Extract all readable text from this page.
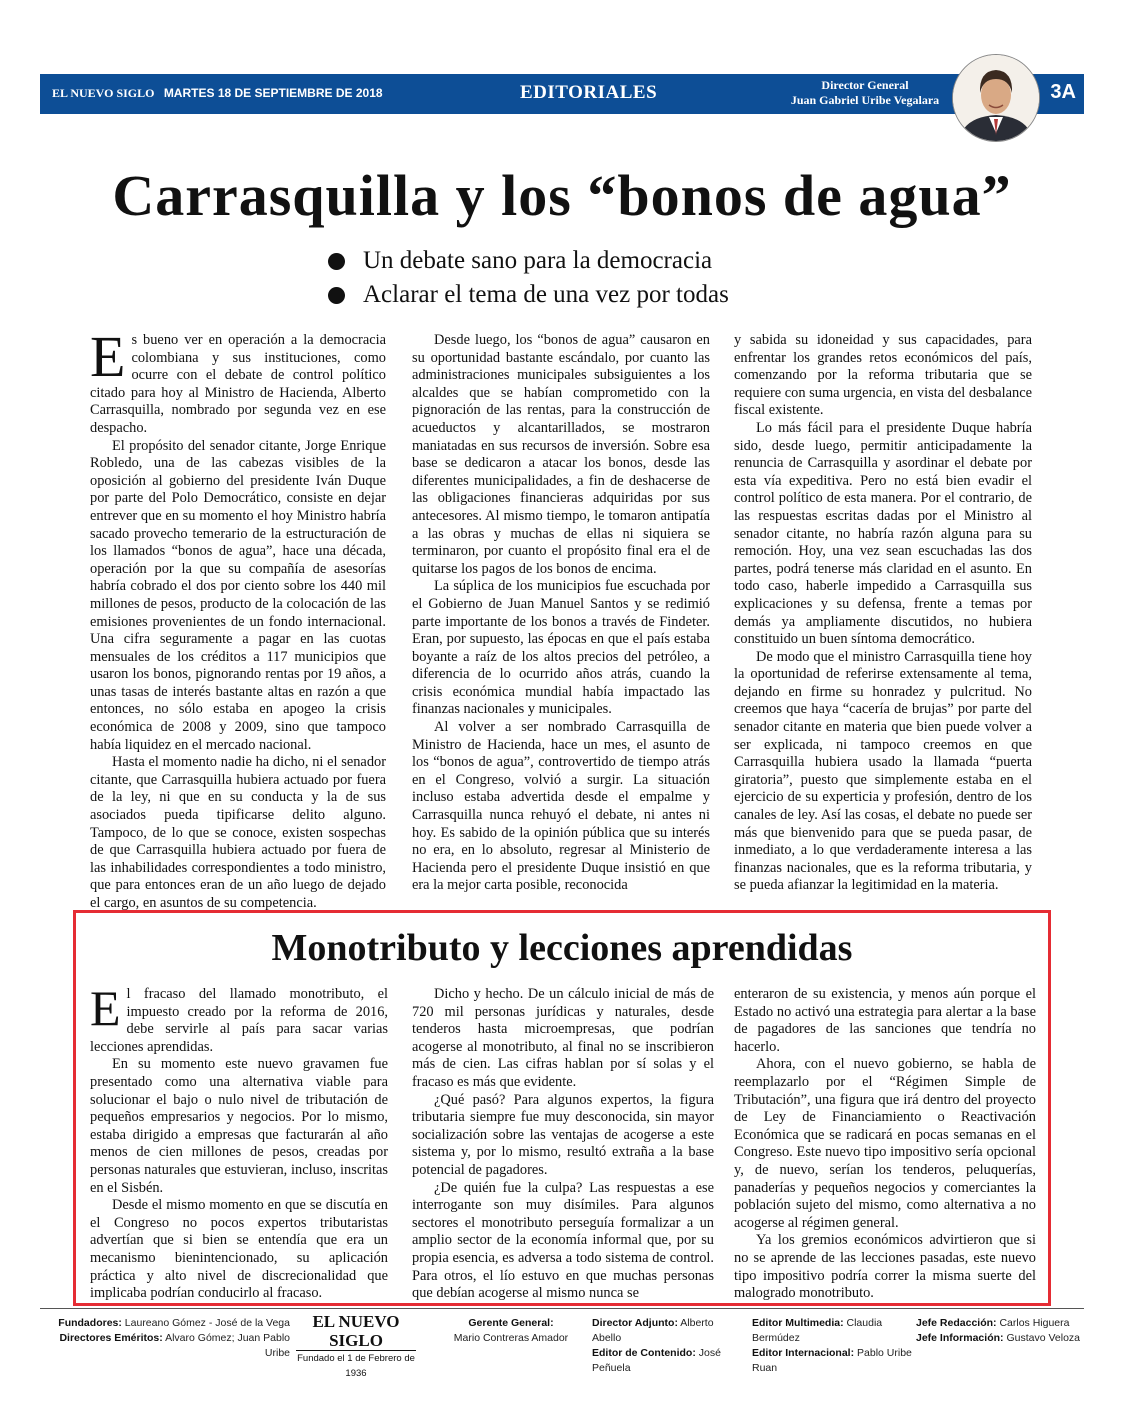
EL NUEVO SIGLO MARTES 18 DE SEPTIEMBRE DE 2018	EDITORIALES	Director General
Juan Gabriel Uribe Vegalara	3A
Carrasquilla y los “bonos de agua”
Un debate sano para la democracia
Aclarar el tema de una vez por todas

Es bueno ver en operación a la democracia colombiana y sus instituciones, como ocurre con el debate de control político citado para hoy al Ministro de Hacienda, Alberto Carrasquilla, nombrado por segunda vez en ese despacho.

El propósito del senador citante, Jorge Enrique Robledo, una de las cabezas visibles de la oposición al gobierno del presidente Iván Duque por parte del Polo Democrático, consiste en dejar entrever que en su momento el hoy Ministro habría sacado provecho temerario de la estructuración de los llamados “bonos de agua”, hace una década, operación por la que su compañía de asesorías habría cobrado el dos por ciento sobre los 440 mil millones de pesos, producto de la colocación de las emisiones provenientes de un fondo internacional. Una cifra seguramente a pagar en las cuotas mensuales de los créditos a 117 municipios que usaron los bonos, pignorando rentas por 19 años, a unas tasas de interés bastante altas en razón a que entonces, no sólo estaba en apogeo la crisis económica de 2008 y 2009, sino que tampoco había liquidez en el mercado nacional.

Hasta el momento nadie ha dicho, ni el senador citante, que Carrasquilla hubiera actuado por fuera de la ley, ni que en su conducta y la de sus asociados pueda tipificarse delito alguno. Tampoco, de lo que se conoce, existen sospechas de que Carrasquilla hubiera actuado por fuera de las inhabilidades correspondientes a todo ministro, que para entonces eran de un año luego de dejado el cargo, en asuntos de su competencia.

Desde luego, los “bonos de agua” causaron en su oportunidad bastante escándalo, por cuanto las administraciones municipales subsiguientes a los alcaldes que se habían comprometido con la pignoración de las rentas, para la construcción de acueductos y alcantarillados, se mostraron maniatadas en sus recursos de inversión. Sobre esa base se dedicaron a atacar los bonos, desde las diferentes municipalidades, a fin de deshacerse de las obligaciones financieras adquiridas por sus antecesores. Al mismo tiempo, le tomaron antipatía a las obras y muchas de ellas ni siquiera se terminaron, por cuanto el propósito final era el de quitarse los pagos de los bonos de encima.

La súplica de los municipios fue escuchada por el Gobierno de Juan Manuel Santos y se redimió parte importante de los bonos a través de Findeter. Eran, por supuesto, las épocas en que el país estaba boyante a raíz de los altos precios del petróleo, a diferencia de lo ocurrido años atrás, cuando la crisis económica mundial había impactado las finanzas nacionales y municipales.

Al volver a ser nombrado Carrasquilla de Ministro de Hacienda, hace un mes, el asunto de los “bonos de agua”, controvertido de tiempo atrás en el Congreso, volvió a surgir. La situación incluso estaba advertida desde el empalme y Carrasquilla nunca rehuyó el debate, ni antes ni hoy. Es sabido de la opinión pública que su interés no era, en lo absoluto, regresar al Ministerio de Hacienda pero el presidente Duque insistió en que era la mejor carta posible, reconocida

y sabida su idoneidad y sus capacidades, para enfrentar los grandes retos económicos del país, comenzando por la reforma tributaria que se requiere con suma urgencia, en vista del desbalance fiscal existente.

Lo más fácil para el presidente Duque habría sido, desde luego, permitir anticipadamente la renuncia de Carrasquilla y asordinar el debate por esta vía expeditiva. Pero no está bien evadir el control político de esta manera. Por el contrario, de las respuestas escritas dadas por el Ministro al senador citante, no habría razón alguna para su remoción. Hoy, una vez sean escuchadas las dos partes, podrá tenerse más claridad en el asunto. En todo caso, haberle impedido a Carrasquilla sus explicaciones y su defensa, frente a temas por demás ya ampliamente discutidos, no hubiera constituido un buen síntoma democrático.

De modo que el ministro Carrasquilla tiene hoy la oportunidad de referirse extensamente al tema, dejando en firme su honradez y pulcritud. No creemos que haya “cacería de brujas” por parte del senador citante en materia que bien puede volver a ser explicada, ni tampoco creemos en que Carrasquilla hubiera usado la llamada “puerta giratoria”, puesto que simplemente estaba en el ejercicio de su experticia y profesión, dentro de los canales de ley. Así las cosas, el debate no puede ser más que bienvenido para que se pueda pasar, de inmediato, a lo que verdaderamente interesa a las finanzas nacionales, que es la reforma tributaria, y se pueda afianzar la legitimidad en la materia.

Monotributo y lecciones aprendidas

El fracaso del llamado monotributo, el impuesto creado por la reforma de 2016, debe servirle al país para sacar varias lecciones aprendidas.

En su momento este nuevo gravamen fue presentado como una alternativa viable para solucionar el bajo o nulo nivel de tributación de pequeños empresarios y negocios. Por lo mismo, estaba dirigido a empresas que facturarán al año menos de cien millones de pesos, creadas por personas naturales que estuvieran, incluso, inscritas en el Sisbén.

Desde el mismo momento en que se discutía en el Congreso no pocos expertos tributaristas advertían que si bien se entendía que era un mecanismo bienintencionado, su aplicación práctica y alto nivel de discrecionalidad que implicaba podrían conducirlo al fracaso.

Dicho y hecho. De un cálculo inicial de más de 720 mil personas jurídicas y naturales, desde tenderos hasta microempresas, que podrían acogerse al monotributo, al final no se inscribieron más de cien. Las cifras hablan por sí solas y el fracaso es más que evidente.

¿Qué pasó? Para algunos expertos, la figura tributaria siempre fue muy desconocida, sin mayor socialización sobre las ventajas de acogerse a este sistema y, por lo mismo, resultó extraña a la base potencial de pagadores.

¿De quién fue la culpa? Las respuestas a ese interrogante son muy disímiles. Para algunos sectores el monotributo perseguía formalizar a un amplio sector de la economía informal que, por su propia esencia, es adversa a todo sistema de control. Para otros, el lío estuvo en que muchas personas que debían acogerse al mismo nunca se

enteraron de su existencia, y menos aún porque el Estado no activó una estrategia para alertar a la base de pagadores de las sanciones que tendría no hacerlo.

Ahora, con el nuevo gobierno, se habla de reemplazarlo por el “Régimen Simple de Tributación”, una figura que irá dentro del proyecto de Ley de Financiamiento o Reactivación Económica que se radicará en pocas semanas en el Congreso. Este nuevo tipo impositivo sería opcional y, de nuevo, serían los tenderos, peluquerías, panaderías y pequeños negocios y comerciantes la población sujeto del mismo, como alternativa a no acogerse al régimen general.

Ya los gremios económicos advirtieron que si no se aprende de las lecciones pasadas, este nuevo tipo impositivo podría correr la misma suerte del malogrado monotributo.

Fundadores: Laureano Gómez - José de la Vega
Directores Eméritos: Alvaro Gómez; Juan Pablo Uribe
EL NUEVO SIGLO
Fundado el 1 de Febrero de 1936
Gerente General:
Mario Contreras Amador
Director Adjunto: Alberto Abello
Editor de Contenido: José Peñuela
Editor Multimedia: Claudia Bermúdez
Editor Internacional: Pablo Uribe Ruan
Jefe Redacción: Carlos Higuera
Jefe Información: Gustavo Veloza
